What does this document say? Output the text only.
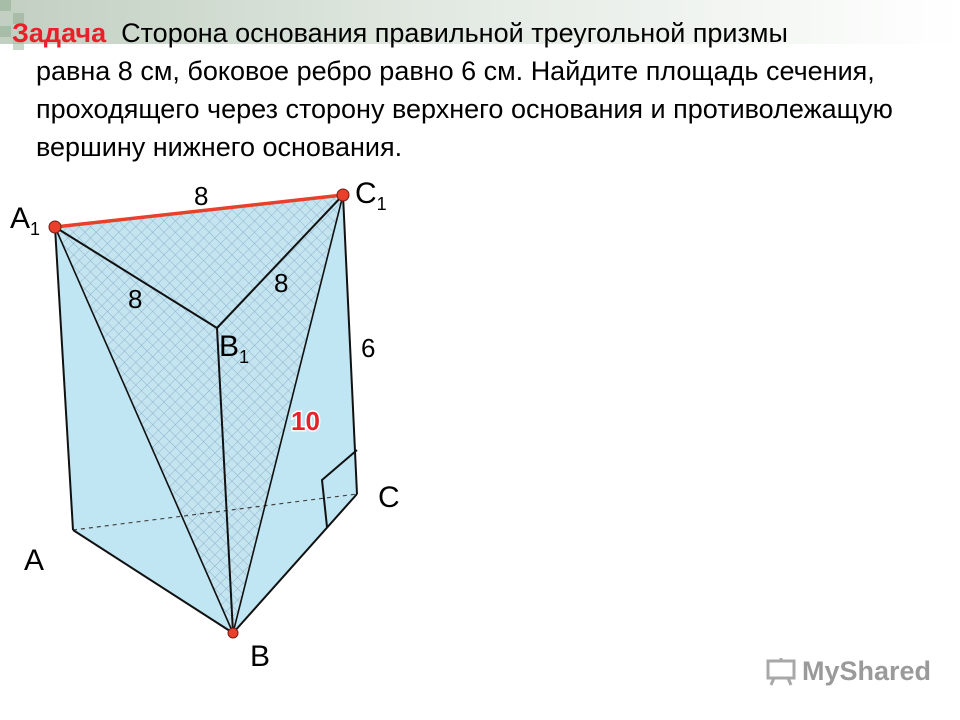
Задача Сторона основания правильной треугольной призмы
равна 8 см, боковое ребро равно 6 см. Найдите площадь сечения, проходящего через сторону верхнего основания и противолежащую вершину нижнего основания.
A1
C1
B1
A
B
C
8
8
8
6
10
MyShared
